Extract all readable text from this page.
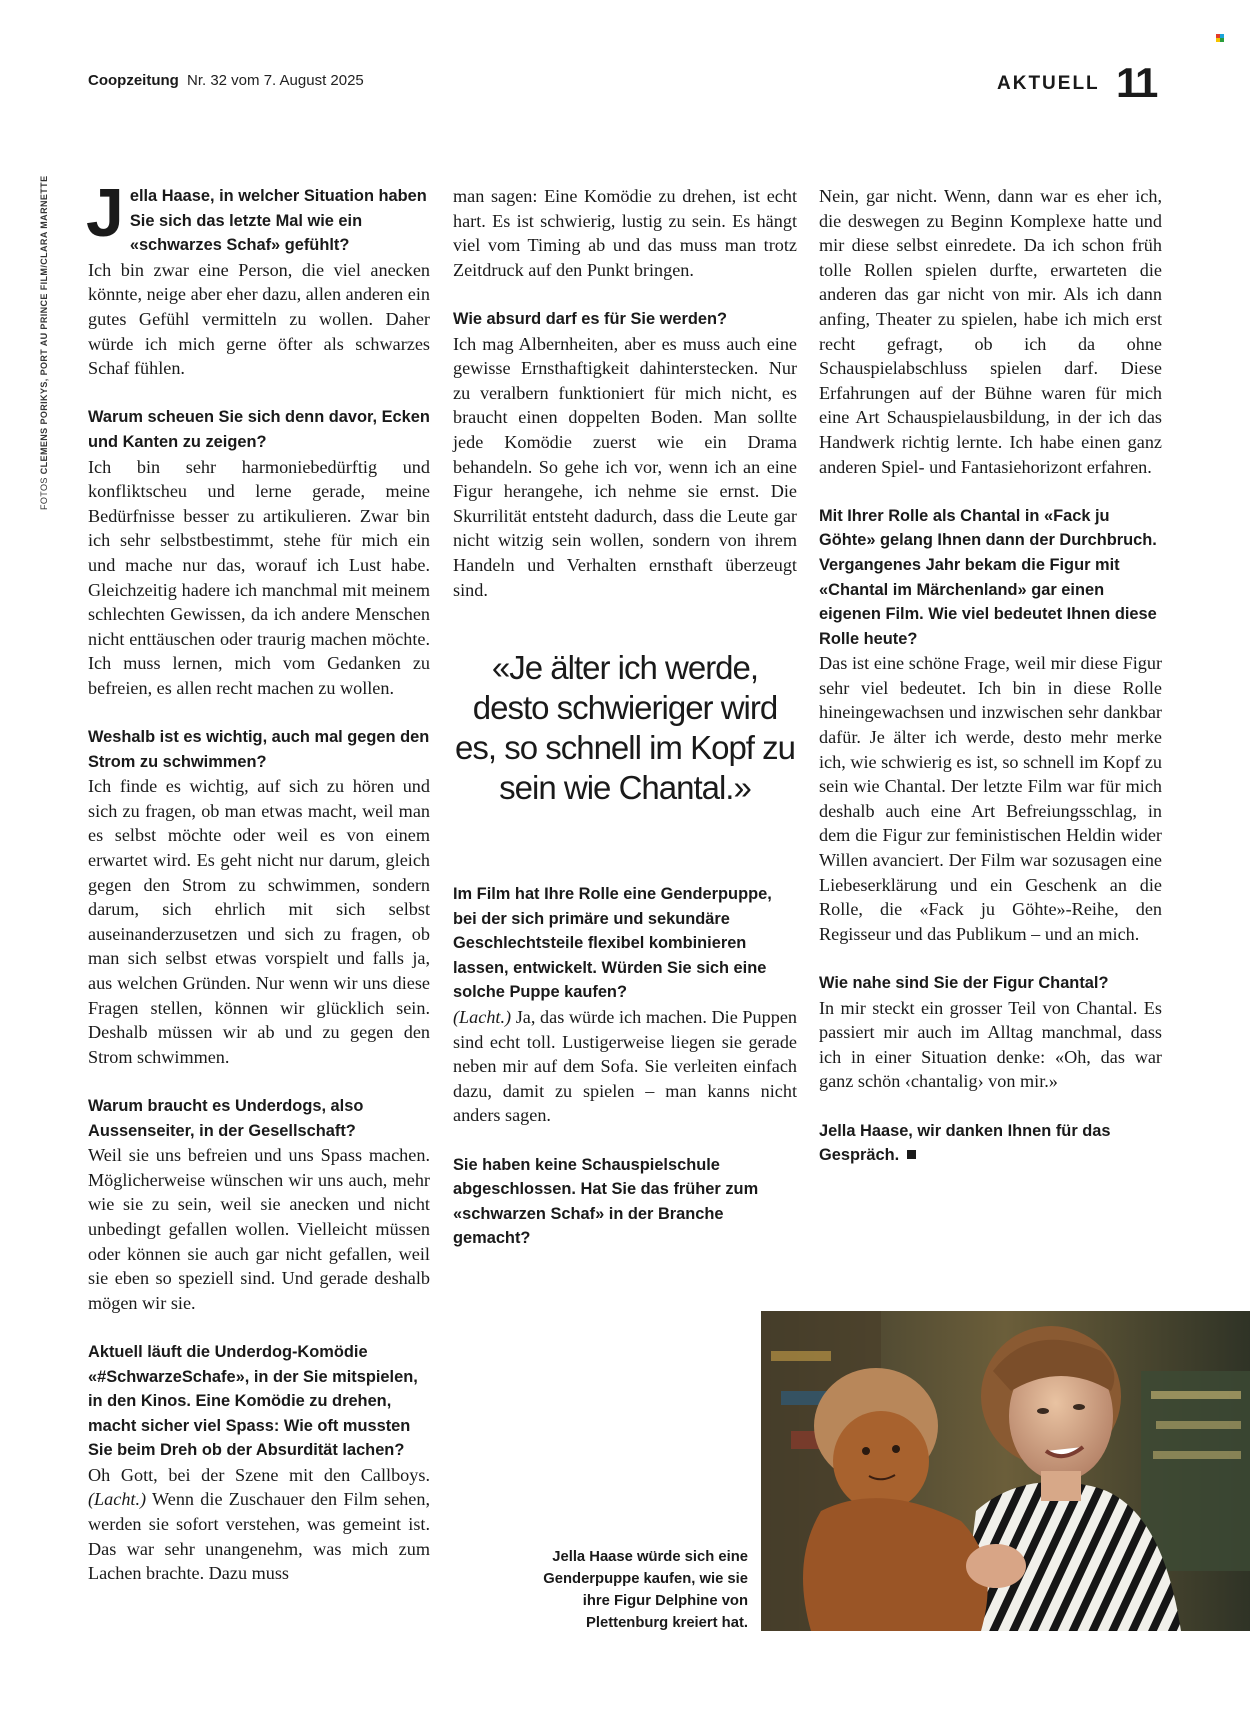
Coopzeitung Nr. 32 vom 7. August 2025	AKTUELL 11
FOTOS CLEMENS PORIKYS, PORT AU PRINCE FILM/CLARA MARNETTE Jella Haase, in welcher Situation haben Sie sich das letzte Mal wie ein «schwarzes Schaf» gefühlt?

Ich bin zwar eine Person, die viel anecken könnte, neige aber eher dazu, allen anderen ein gutes Gefühl vermitteln zu wollen. Daher würde ich mich gerne öfter als schwarzes Schaf fühlen.

Warum scheuen Sie sich denn davor, Ecken und Kanten zu zeigen?

Ich bin sehr harmoniebedürftig und konfliktscheu und lerne gerade, meine Bedürfnisse besser zu artikulieren. Zwar bin ich sehr selbstbestimmt, stehe für mich ein und mache nur das, worauf ich Lust habe. Gleichzeitig hadere ich manchmal mit meinem schlechten Gewissen, da ich andere Menschen nicht enttäuschen oder traurig machen möchte. Ich muss lernen, mich vom Gedanken zu befreien, es allen recht machen zu wollen.

Weshalb ist es wichtig, auch mal gegen den Strom zu schwimmen?

Ich finde es wichtig, auf sich zu hören und sich zu fragen, ob man etwas macht, weil man es selbst möchte oder weil es von einem erwartet wird. Es geht nicht nur darum, gleich gegen den Strom zu schwimmen, sondern darum, sich ehrlich mit sich selbst auseinanderzusetzen und sich zu fragen, ob man sich selbst etwas vorspielt und falls ja, aus welchen Gründen. Nur wenn wir uns diese Fragen stellen, können wir glücklich sein. Deshalb müssen wir ab und zu gegen den Strom schwimmen.

Warum braucht es Underdogs, also Aussenseiter, in der Gesellschaft?

Weil sie uns befreien und uns Spass machen. Möglicherweise wünschen wir uns auch, mehr wie sie zu sein, weil sie anecken und nicht unbedingt gefallen wollen. Vielleicht müssen oder können sie auch gar nicht gefallen, weil sie eben so speziell sind. Und gerade deshalb mögen wir sie.

Aktuell läuft die Underdog-Komödie «#SchwarzeSchafe», in der Sie mitspielen, in den Kinos. Eine Komödie zu drehen, macht sicher viel Spass: Wie oft mussten Sie beim Dreh ob der Absurdität lachen?

Oh Gott, bei der Szene mit den Callboys. (Lacht.) Wenn die Zuschauer den Film sehen, werden sie sofort verstehen, was gemeint ist. Das war sehr unangenehm, was mich zum Lachen brachte. Dazu muss

man sagen: Eine Komödie zu drehen, ist echt hart. Es ist schwierig, lustig zu sein. Es hängt viel vom Timing ab und das muss man trotz Zeitdruck auf den Punkt bringen.

Wie absurd darf es für Sie werden?

Ich mag Albernheiten, aber es muss auch eine gewisse Ernsthaftigkeit dahinterstecken. Nur zu veralbern funktioniert für mich nicht, es braucht einen doppelten Boden. Man sollte jede Komödie zuerst wie ein Drama behandeln. So gehe ich vor, wenn ich an eine Figur herangehe, ich nehme sie ernst. Die Skurrilität entsteht dadurch, dass die Leute gar nicht witzig sein wollen, sondern von ihrem Handeln und Verhalten ernsthaft überzeugt sind.

«Je älter ich werde, desto schwieriger wird es, so schnell im Kopf zu sein wie Chantal.»

Im Film hat Ihre Rolle eine Genderpuppe, bei der sich primäre und sekundäre Geschlechtsteile flexibel kombinieren lassen, entwickelt. Würden Sie sich eine solche Puppe kaufen?

(Lacht.) Ja, das würde ich machen. Die Puppen sind echt toll. Lustigerweise liegen sie gerade neben mir auf dem Sofa. Sie verleiten einfach dazu, damit zu spielen – man kanns nicht anders sagen.

Sie haben keine Schauspielschule abgeschlossen. Hat Sie das früher zum «schwarzen Schaf» in der Branche gemacht?

Nein, gar nicht. Wenn, dann war es eher ich, die deswegen zu Beginn Komplexe hatte und mir diese selbst einredete. Da ich schon früh tolle Rollen spielen durfte, erwarteten die anderen das gar nicht von mir. Als ich dann anfing, Theater zu spielen, habe ich mich erst recht gefragt, ob ich da ohne Schauspielabschluss spielen darf. Diese Erfahrungen auf der Bühne waren für mich eine Art Schauspielausbildung, in der ich das Handwerk richtig lernte. Ich habe einen ganz anderen Spiel- und Fantasiehorizont erfahren.

Mit Ihrer Rolle als Chantal in «Fack ju Göhte» gelang Ihnen dann der Durchbruch. Vergangenes Jahr bekam die Figur mit «Chantal im Märchenland» gar einen eigenen Film. Wie viel bedeutet Ihnen diese Rolle heute?

Das ist eine schöne Frage, weil mir diese Figur sehr viel bedeutet. Ich bin in diese Rolle hineingewachsen und inzwischen sehr dankbar dafür. Je älter ich werde, desto mehr merke ich, wie schwierig es ist, so schnell im Kopf zu sein wie Chantal. Der letzte Film war für mich deshalb auch eine Art Befreiungsschlag, in dem die Figur zur feministischen Heldin wider Willen avanciert. Der Film war sozusagen eine Liebeserklärung und ein Geschenk an die Rolle, die «Fack ju Göhte»-Reihe, den Regisseur und das Publikum – und an mich.

Wie nahe sind Sie der Figur Chantal?

In mir steckt ein grosser Teil von Chantal. Es passiert mir auch im Alltag manchmal, dass ich in einer Situation denke: «Oh, das war ganz schön ‹chantalig› von mir.»

Jella Haase, wir danken Ihnen für das Gespräch.

Jella Haase würde sich eine Genderpuppe kaufen, wie sie ihre Figur Delphine von Plettenburg kreiert hat.
